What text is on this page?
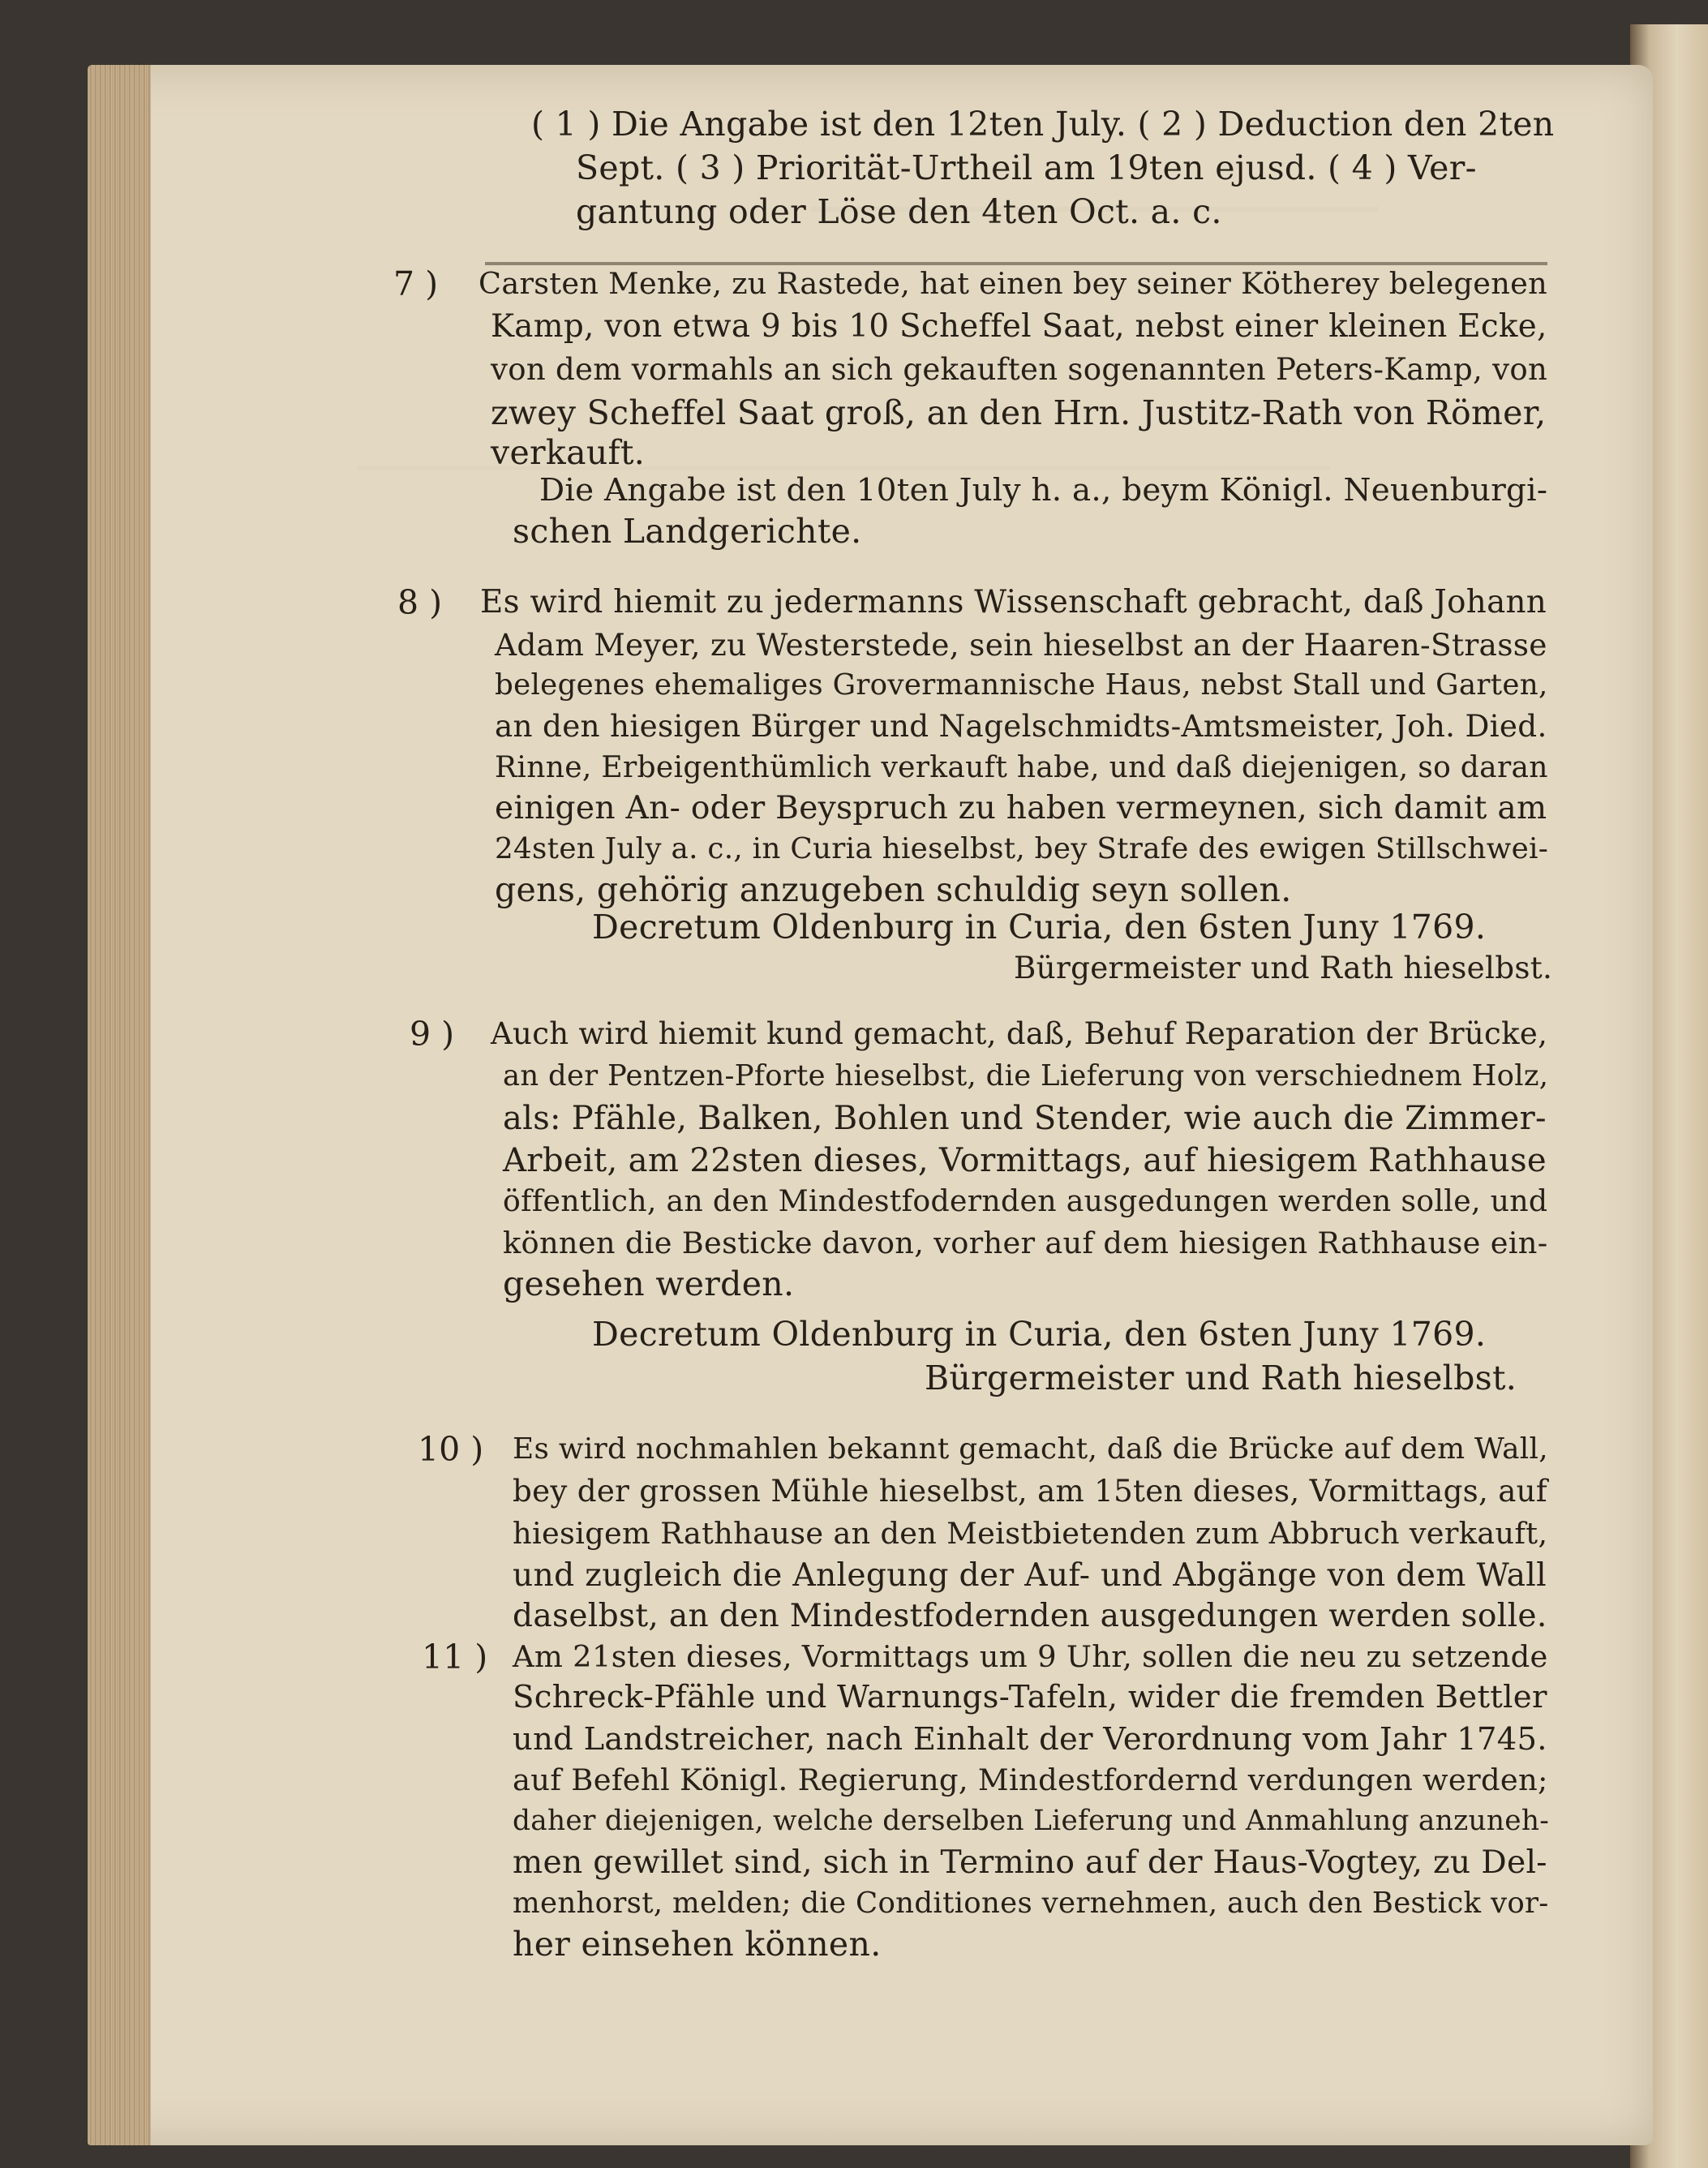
( 1 ) Die Angabe ist den 12ten July. ( 2 ) Deduction den 2ten
Sept. ( 3 ) Priorität-Urtheil am 19ten ejusd. ( 4 ) Ver-
gantung oder Löse den 4ten Oct. a. c.
7 ) Carsten Menke, zu Rastede, hat einen bey seiner Kötherey belegenen
Kamp, von etwa 9 bis 10 Scheffel Saat, nebst einer kleinen Ecke,
von dem vormahls an sich gekauften sogenannten Peters-Kamp, von
zwey Scheffel Saat groß, an den Hrn. Justitz-Rath von Römer,
verkauft.
Die Angabe ist den 10ten July h. a., beym Königl. Neuenburgi-
schen Landgerichte.
8 ) Es wird hiemit zu jedermanns Wissenschaft gebracht, daß Johann
Adam Meyer, zu Westerstede, sein hieselbst an der Haaren-Strasse
belegenes ehemaliges Grovermannische Haus, nebst Stall und Garten,
an den hiesigen Bürger und Nagelschmidts-Amtsmeister, Joh. Died.
Rinne, Erbeigenthümlich verkauft habe, und daß diejenigen, so daran
einigen An- oder Beyspruch zu haben vermeynen, sich damit am
24sten July a. c., in Curia hieselbst, bey Strafe des ewigen Stillschwei-
gens, gehörig anzugeben schuldig seyn sollen.
Decretum Oldenburg in Curia, den 6sten Juny 1769.
Bürgermeister und Rath hieselbst.
9 ) Auch wird hiemit kund gemacht, daß, Behuf Reparation der Brücke,
an der Pentzen-Pforte hieselbst, die Lieferung von verschiednem Holz,
als: Pfähle, Balken, Bohlen und Stender, wie auch die Zimmer-
Arbeit, am 22sten dieses, Vormittags, auf hiesigem Rathhause
öffentlich, an den Mindestfodernden ausgedungen werden solle, und
können die Besticke davon, vorher auf dem hiesigen Rathhause ein-
gesehen werden.
Decretum Oldenburg in Curia, den 6sten Juny 1769.
Bürgermeister und Rath hieselbst.
10 ) Es wird nochmahlen bekannt gemacht, daß die Brücke auf dem Wall,
bey der grossen Mühle hieselbst, am 15ten dieses, Vormittags, auf
hiesigem Rathhause an den Meistbietenden zum Abbruch verkauft,
und zugleich die Anlegung der Auf- und Abgänge von dem Wall
daselbst, an den Mindestfodernden ausgedungen werden solle.
11 ) Am 21sten dieses, Vormittags um 9 Uhr, sollen die neu zu setzende
Schreck-Pfähle und Warnungs-Tafeln, wider die fremden Bettler
und Landstreicher, nach Einhalt der Verordnung vom Jahr 1745.
auf Befehl Königl. Regierung, Mindestfordernd verdungen werden;
daher diejenigen, welche derselben Lieferung und Anmahlung anzuneh-
men gewillet sind, sich in Termino auf der Haus-Vogtey, zu Del-
menhorst, melden; die Conditiones vernehmen, auch den Bestick vor-
her einsehen können.
